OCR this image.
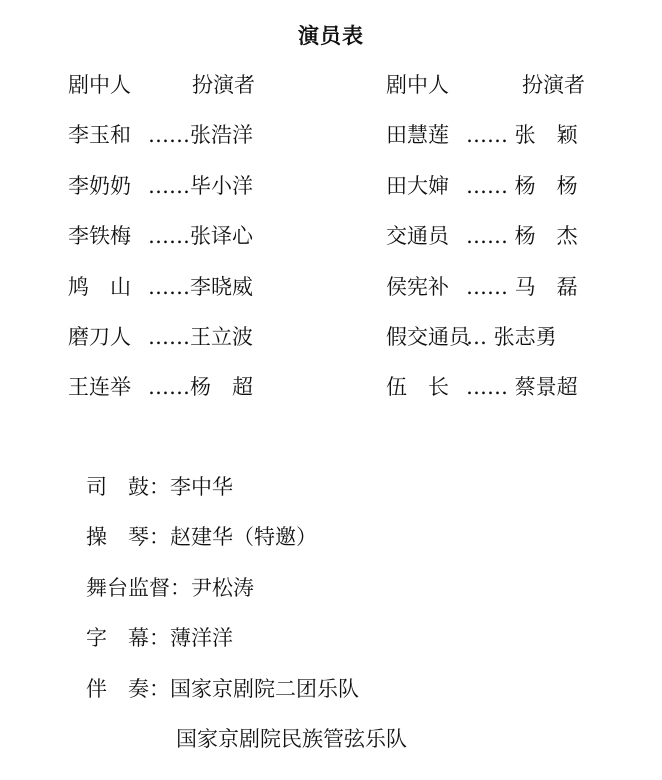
演员表
剧中人	扮演者
李玉和 ……张浩洋
李奶奶 ……毕小洋
李铁梅 ……张译心
鸠　山 ……李晓威
磨刀人 ……王立波
王连举 ……杨　超
剧中人	扮演者
田慧莲 …… 张　颖
田大婶 …… 杨　杨
交通员 …… 杨　杰
侯宪补 …… 马　磊
假交通员
… 张志勇
伍　长 …… 蔡景超
司　鼓：李中华
操　琴：赵建华（特邀）
舞台监督：尹松涛
字　幕：薄洋洋
伴　奏：国家京剧院二团乐队
国家京剧院民族管弦乐队
